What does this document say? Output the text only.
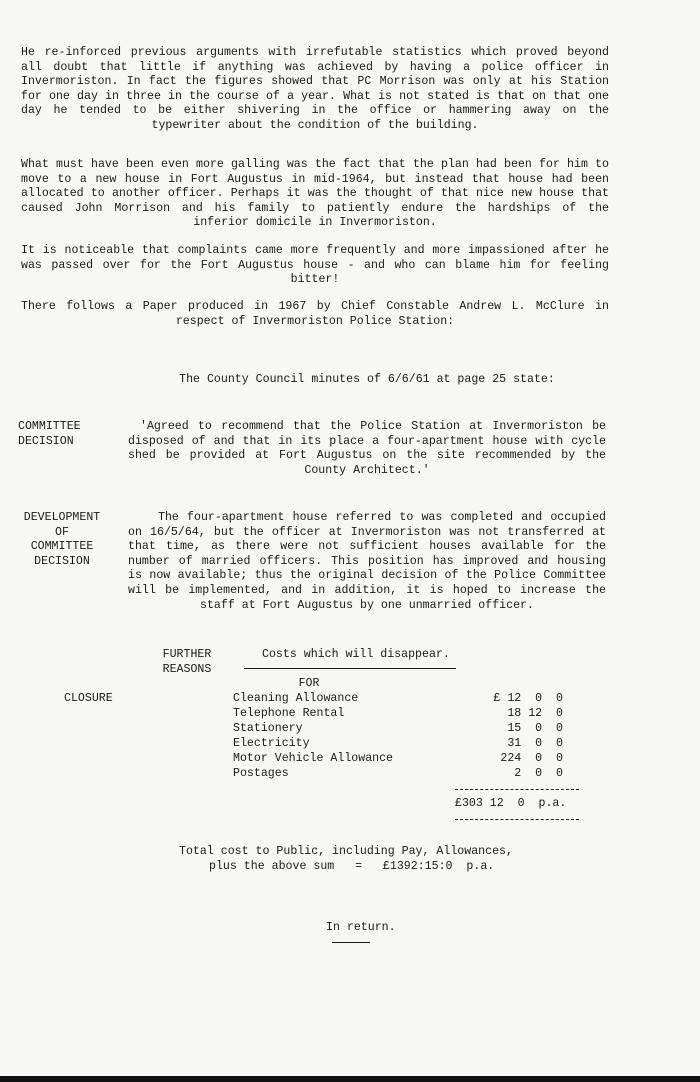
He re-inforced previous arguments with irrefutable statistics which proved beyond all doubt that little if anything was achieved by having a police officer in Invermoriston. In fact the figures showed that PC Morrison was only at his Station for one day in three in the course of a year. What is not stated is that on that one day he tended to be either shivering in the office or hammering away on the typewriter about the condition of the building.

What must have been even more galling was the fact that the plan had been for him to move to a new house in Fort Augustus in mid-1964, but instead that house had been allocated to another officer. Perhaps it was the thought of that nice new house that caused John Morrison and his family to patiently endure the hardships of the inferior domicile in Invermoriston.

It is noticeable that complaints came more frequently and more impassioned after he was passed over for the Fort Augustus house - and who can blame him for feeling bitter!

There follows a Paper produced in 1967 by Chief Constable Andrew L. McClure in respect of Invermoriston Police Station:

The County Council minutes of 6/6/61 at page 25 state:

COMMITTEE
DECISION

'Agreed to recommend that the Police Station at Invermoriston be disposed of and that in its place a four-apartment house with cycle shed be provided at Fort Augustus on the site recommended by the County Architect.'

DEVELOPMENT
OF
COMMITTEE
DECISION

The four-apartment house referred to was completed and occupied on 16/5/64, but the officer at Invermoriston was not transferred at that time, as there were not sufficient houses available for the number of married officers. This position has improved and housing is now available; thus the original decision of the Police Committee will be implemented, and in addition, it is hoped to increase the staff at Fort Augustus by one unmarried officer.

FURTHER
REASONS

Costs which will disappear.

FOR

CLOSURE	Cleaning Allowance	£ 12  0  0
Telephone Rental	18 12  0
Stationery	15  0  0
Electricity	31  0  0
Motor Vehicle Allowance	224  0  0
Postages	2  0  0

£303 12  0  p.a.

Total cost to Public, including Pay, Allowances,

plus the above sum   =   £1392:15:0  p.a.

In return.
